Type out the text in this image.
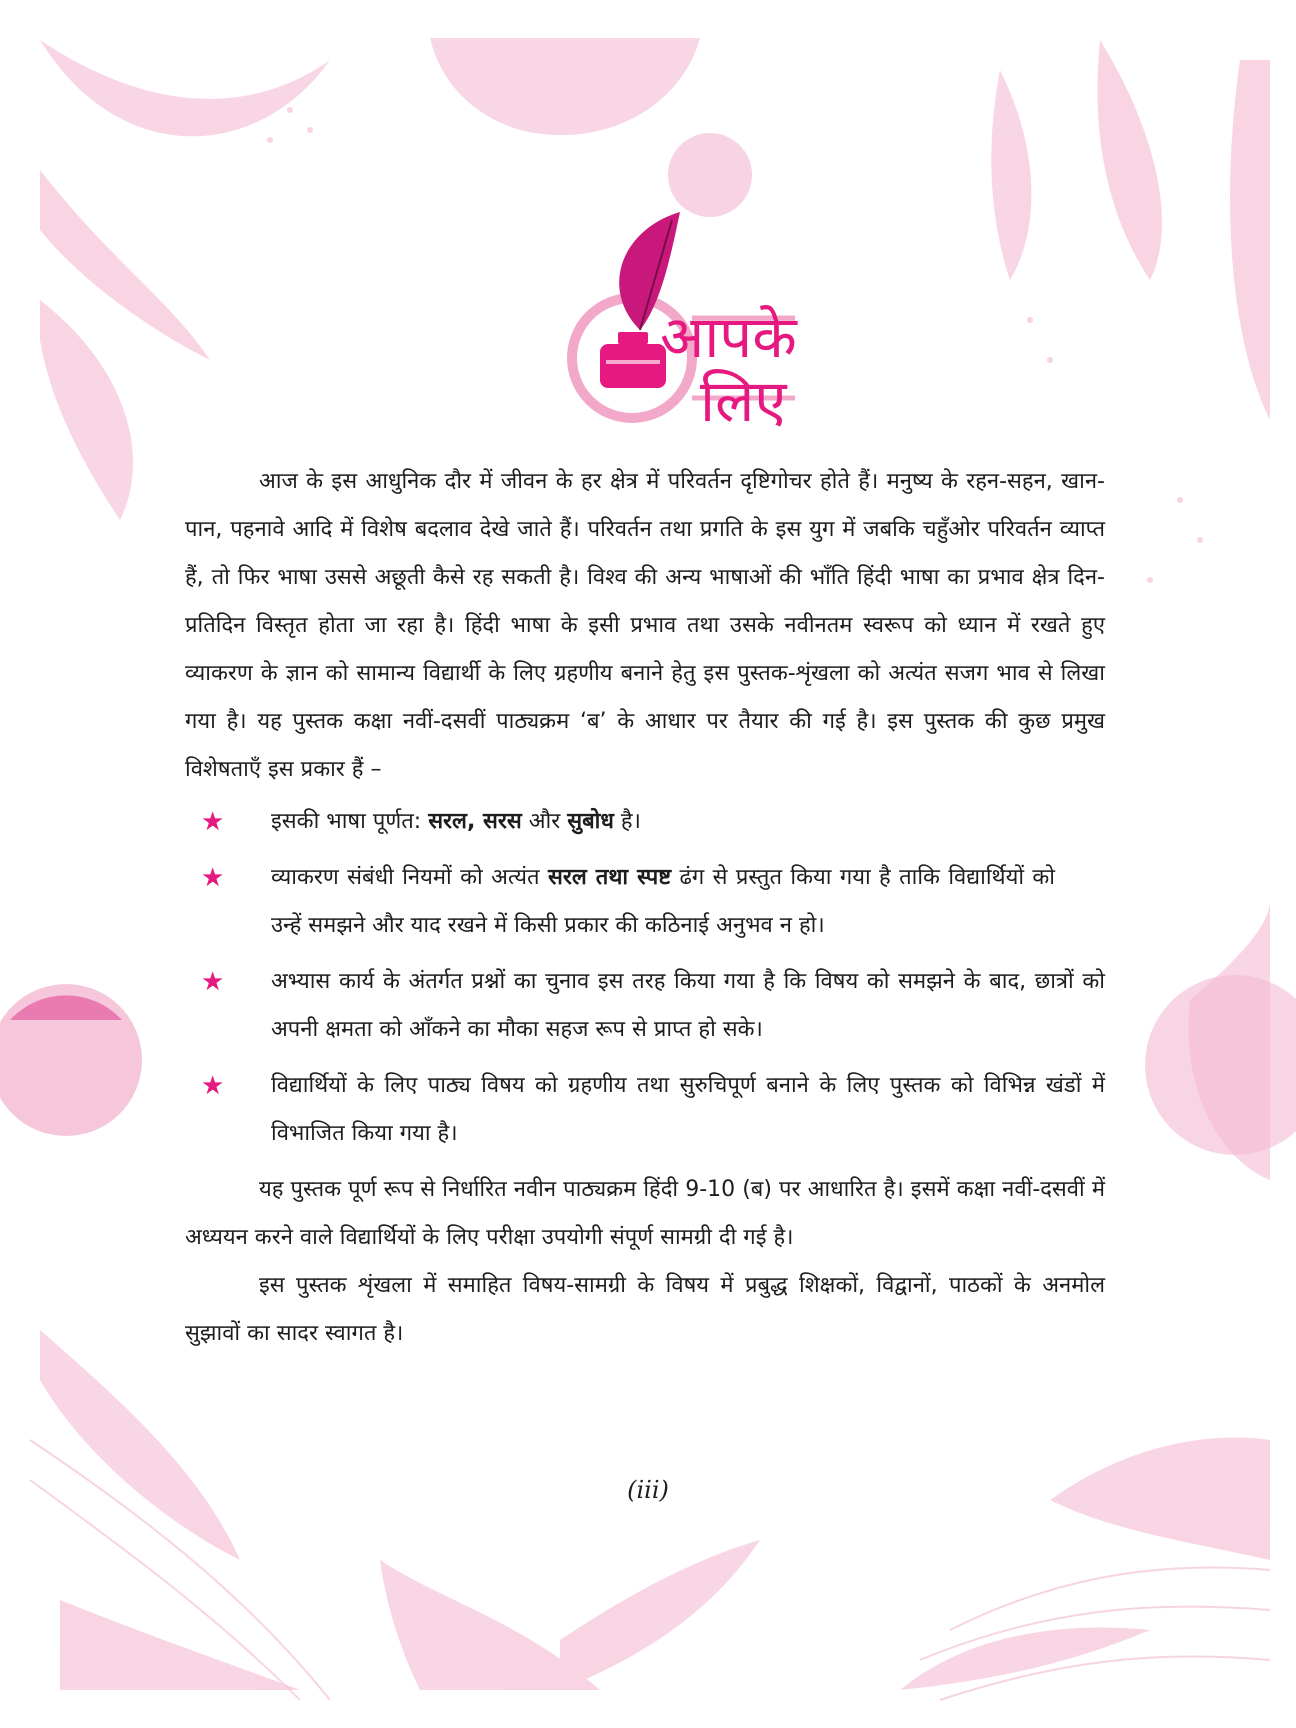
आपके
लिए

आज के इस आधुनिक दौर में जीवन के हर क्षेत्र में परिवर्तन दृष्टिगोचर होते हैं। मनुष्य के रहन-सहन, खान-पान, पहनावे आदि में विशेष बदलाव देखे जाते हैं। परिवर्तन तथा प्रगति के इस युग में जबकि चहुँओर परिवर्तन व्याप्त हैं, तो फिर भाषा उससे अछूती कैसे रह सकती है। विश्व की अन्य भाषाओं की भाँति हिंदी भाषा का प्रभाव क्षेत्र दिन-प्रतिदिन विस्तृत होता जा रहा है। हिंदी भाषा के इसी प्रभाव तथा उसके नवीनतम स्वरूप को ध्यान में रखते हुए व्याकरण के ज्ञान को सामान्य विद्यार्थी के लिए ग्रहणीय बनाने हेतु इस पुस्तक-शृंखला को अत्यंत सजग भाव से लिखा गया है। यह पुस्तक कक्षा नवीं-दसवीं पाठ्यक्रम ‘ब’ के आधार पर तैयार की गई है। इस पुस्तक की कुछ प्रमुख विशेषताएँ इस प्रकार हैं –

★ इसकी भाषा पूर्णत: सरल, सरस और सुबोध है।
★ व्याकरण संबंधी नियमों को अत्यंत सरल तथा स्पष्ट ढंग से प्रस्तुत किया गया है ताकि विद्यार्थियों को उन्हें समझने और याद रखने में किसी प्रकार की कठिनाई अनुभव न हो।
★ अभ्यास कार्य के अंतर्गत प्रश्नों का चुनाव इस तरह किया गया है कि विषय को समझने के बाद, छात्रों को अपनी क्षमता को आँकने का मौका सहज रूप से प्राप्त हो सके।
★ विद्यार्थियों के लिए पाठ्य विषय को ग्रहणीय तथा सुरुचिपूर्ण बनाने के लिए पुस्तक को विभिन्न खंडों में विभाजित किया गया है।

यह पुस्तक पूर्ण रूप से निर्धारित नवीन पाठ्यक्रम हिंदी 9-10 (ब) पर आधारित है। इसमें कक्षा नवीं-दसवीं में अध्ययन करने वाले विद्यार्थियों के लिए परीक्षा उपयोगी संपूर्ण सामग्री दी गई है।

इस पुस्तक शृंखला में समाहित विषय-सामग्री के विषय में प्रबुद्ध शिक्षकों, विद्वानों, पाठकों के अनमोल सुझावों का सादर स्वागत है।

(iii)
